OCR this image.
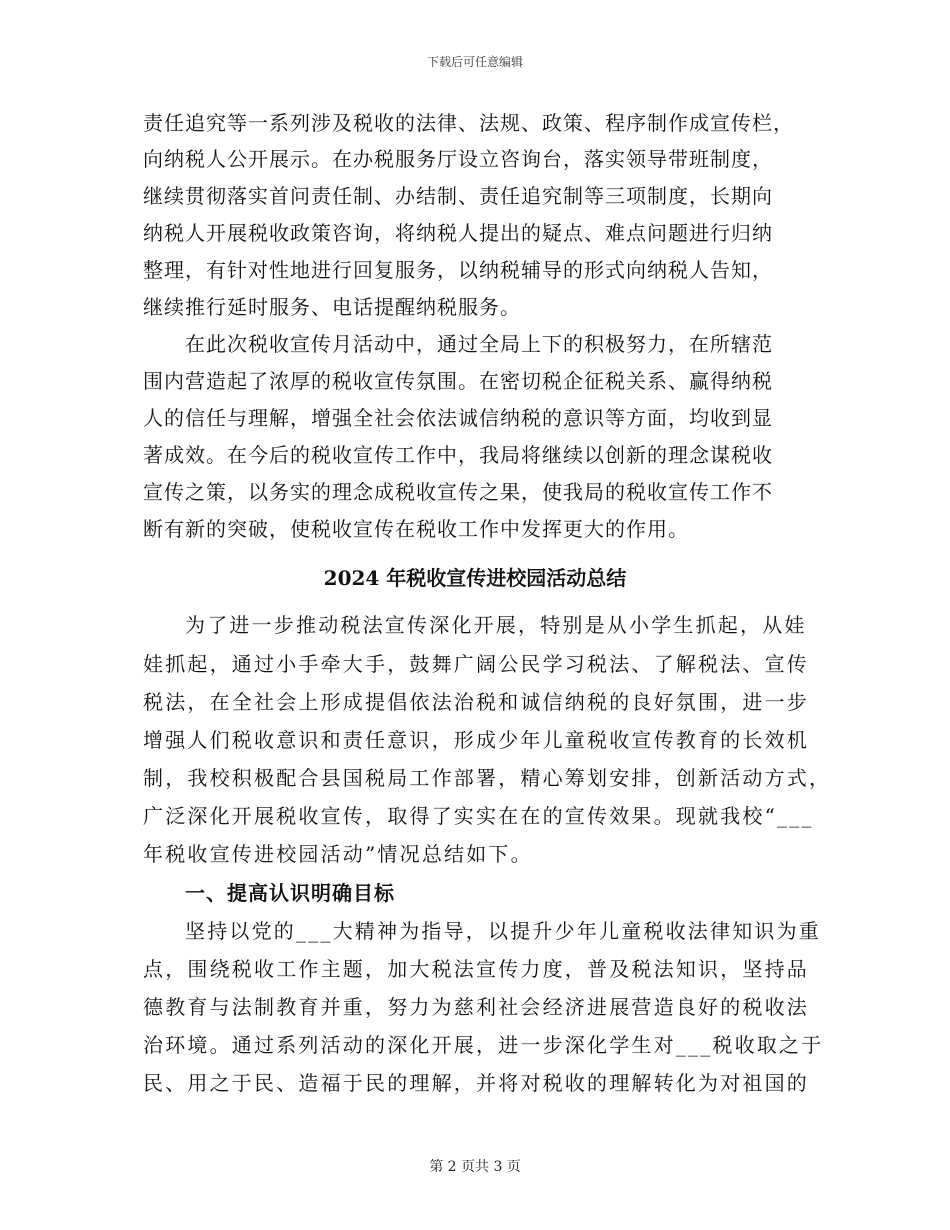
下载后可任意编辑
责任追究等一系列涉及税收的法律、法规、政策、程序制作成宣传栏，
向纳税人公开展示。在办税服务厅设立咨询台，落实领导带班制度，
继续贯彻落实首问责任制、办结制、责任追究制等三项制度，长期向
纳税人开展税收政策咨询，将纳税人提出的疑点、难点问题进行归纳
整理，有针对性地进行回复服务，以纳税辅导的形式向纳税人告知，
继续推行延时服务、电话提醒纳税服务。
在此次税收宣传月活动中，通过全局上下的积极努力，在所辖范
围内营造起了浓厚的税收宣传氛围。在密切税企征税关系、赢得纳税
人的信任与理解，增强全社会依法诚信纳税的意识等方面，均收到显
著成效。在今后的税收宣传工作中，我局将继续以创新的理念谋税收
宣传之策，以务实的理念成税收宣传之果，使我局的税收宣传工作不
断有新的突破，使税收宣传在税收工作中发挥更大的作用。
2024 年税收宣传进校园活动总结
为了进一步推动税法宣传深化开展，特别是从小学生抓起，从娃
娃抓起，通过小手牵大手，鼓舞广阔公民学习税法、了解税法、宣传
税法，在全社会上形成提倡依法治税和诚信纳税的良好氛围，进一步
增强人们税收意识和责任意识，形成少年儿童税收宣传教育的长效机
制，我校积极配合县国税局工作部署，精心筹划安排，创新活动方式，
广泛深化开展税收宣传，取得了实实在在的宣传效果。现就我校“___
年税收宣传进校园活动”情况总结如下。
一、提高认识明确目标
坚持以党的___大精神为指导，以提升少年儿童税收法律知识为重
点，围绕税收工作主题，加大税法宣传力度，普及税法知识，坚持品
德教育与法制教育并重，努力为慈利社会经济进展营造良好的税收法
治环境。通过系列活动的深化开展，进一步深化学生对___税收取之于
民、用之于民、造福于民的理解，并将对税收的理解转化为对祖国的
第 2 页共 3 页
